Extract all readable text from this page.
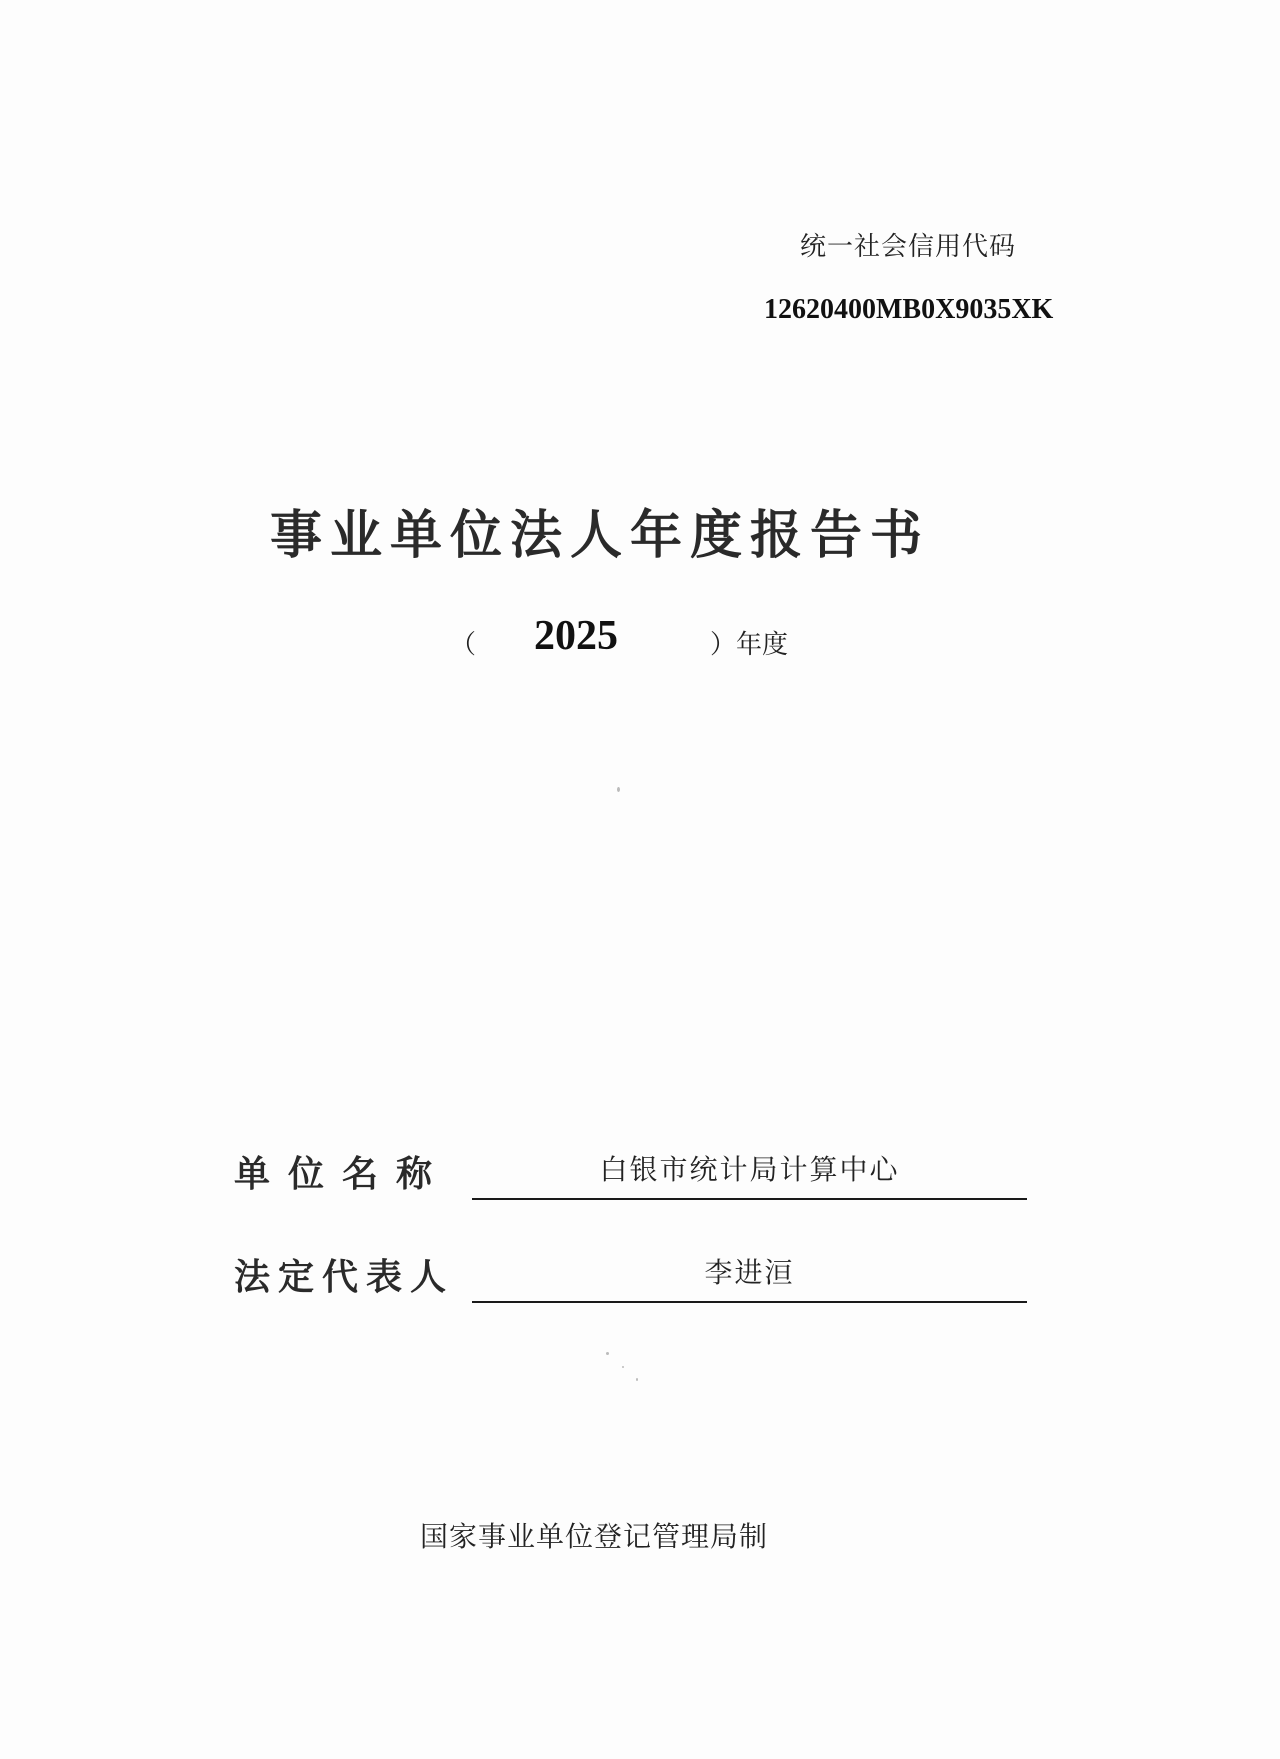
统一社会信用代码
12620400MB0X9035XK
事业单位法人年度报告书
（ 2025	）年度
单位名称	白银市统计局计算中心
法定代表人	李进洹
国家事业单位登记管理局制
